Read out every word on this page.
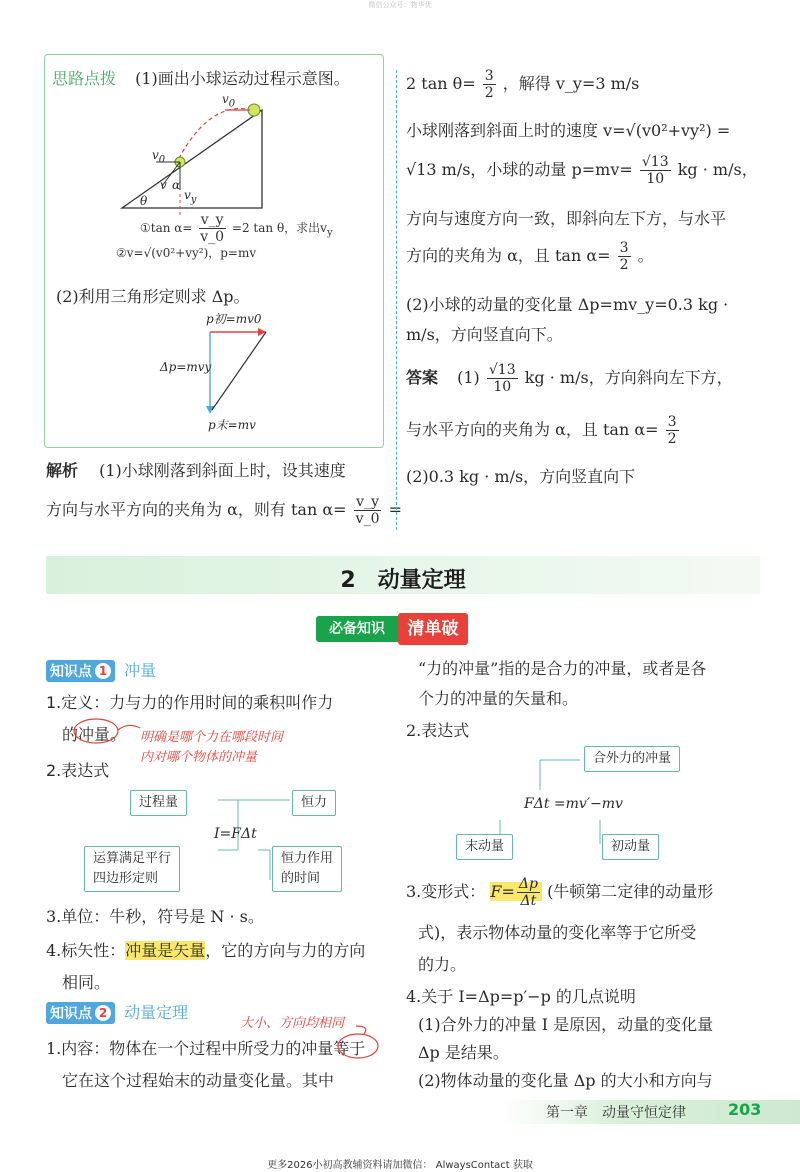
微信公众号：物华优
思路点拨 (1)画出小球运动过程示意图。
$v_0$
$v_0$
θ
α
v
$v_y$
①tan $\alpha= \frac{v\_y}{v\_0} =2$ tan θ，求出$v_y$
②v=√(v0²+vy²)，p=mv
(2)利用三角形定则求 Δp。
p初=mv0
Δp=mvy
p末=mv
解析 (1)小球刚落到斜面上时，设其速度
方向与水平方向的夹角为 α，则有 $\tan \alpha= \frac{v\_y}{v\_0}$ =
2 $\tan \theta= \frac{3}{2}$ ，解得 v_y=3 m/s
小球刚落到斜面上时的速度 v=√(v0²+vy²) =
√13 m/s，小球的动量 $p=mv= \frac{√13}{10}$ kg · m/s，
方向与速度方向一致，即斜向左下方，与水平
方向的夹角为 α，且 $\tan \alpha= \frac{3}{2}$ 。
(2)小球的动量的变化量 Δp=mv_y=0.3 kg ·
m/s，方向竖直向下。
答案 $(1) \frac{√13}{10}$ kg · m/s，方向斜向左下方，
与水平方向的夹角为 α，且 $\tan \alpha= \frac{3}{2}$
(2)0.3 kg · m/s，方向竖直向下
2　动量定理
必备知识	清单破
知识点 1 冲量
1.定义：力与力的作用时间的乘积叫作力
的冲量。 明确是哪个力在哪段时间
内对哪个物体的冲量
2.表达式
过程量	恒力
I=FΔt
运算满足平行
四边形定则
恒力作用
的时间
3.单位：牛秒，符号是 N · s。
4.标矢性：冲量是矢量，它的方向与力的方向
相同。
知识点 2 动量定理
大小、方向均相同
1.内容：物体在一个过程中所受力的冲量等于
它在这个过程始末的动量变化量。其中
“力的冲量”指的是合力的冲量，或者是各
个力的冲量的矢量和。
2.表达式
合外力的冲量
FΔt =mv′−mv
末动量	初动量
3.变形式： $F= \frac{\Delta p}{\Delta t}$ (牛顿第二定律的动量形
式)，表示物体动量的变化率等于它所受
的力。
4.关于 I=Δp=p′−p 的几点说明
(1)合外力的冲量 I 是原因，动量的变化量
Δp 是结果。
(2)物体动量的变化量 Δp 的大小和方向与
第一章　动量守恒定律	203
更多2026小初高教辅资料请加微信： AlwaysContact 获取
